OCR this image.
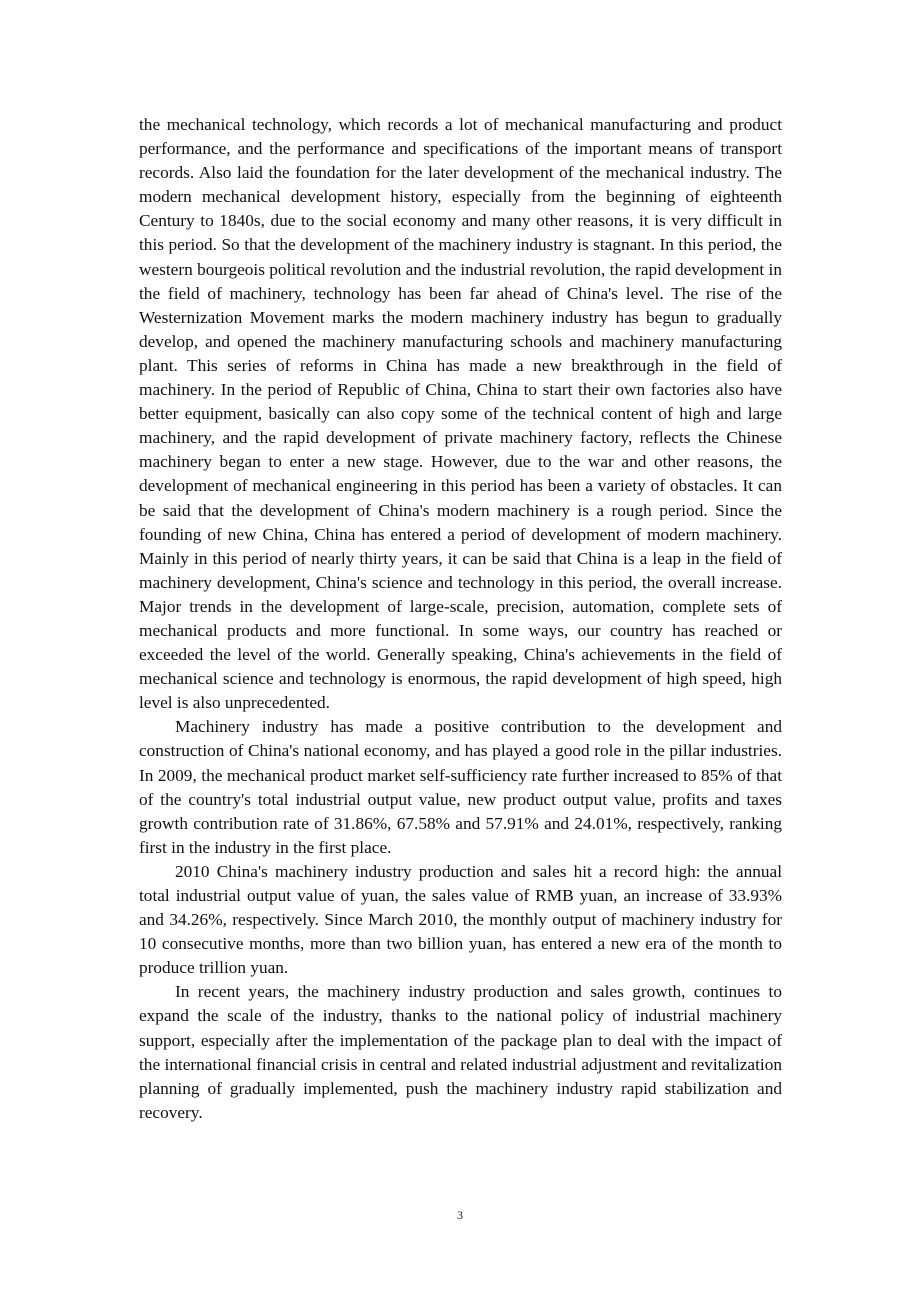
the mechanical technology, which records a lot of mechanical manufacturing and product performance, and the performance and specifications of the important means of transport records. Also laid the foundation for the later development of the mechanical industry. The modern mechanical development history, especially from the beginning of eighteenth Century to 1840s, due to the social economy and many other reasons, it is very difficult in this period. So that the development of the machinery industry is stagnant. In this period, the western bourgeois political revolution and the industrial revolution, the rapid development in the field of machinery, technology has been far ahead of China's level. The rise of the Westernization Movement marks the modern machinery industry has begun to gradually develop, and opened the machinery manufacturing schools and machinery manufacturing plant. This series of reforms in China has made a new breakthrough in the field of machinery. In the period of Republic of China, China to start their own factories also have better equipment, basically can also copy some of the technical content of high and large machinery, and the rapid development of private machinery factory, reflects the Chinese machinery began to enter a new stage. However, due to the war and other reasons, the development of mechanical engineering in this period has been a variety of obstacles. It can be said that the development of China's modern machinery is a rough period. Since the founding of new China, China has entered a period of development of modern machinery. Mainly in this period of nearly thirty years, it can be said that China is a leap in the field of machinery development, China's science and technology in this period, the overall increase. Major trends in the development of large-scale, precision, automation, complete sets of mechanical products and more functional. In some ways, our country has reached or exceeded the level of the world. Generally speaking, China's achievements in the field of mechanical science and technology is enormous, the rapid development of high speed, high level is also unprecedented.

Machinery industry has made a positive contribution to the development and construction of China's national economy, and has played a good role in the pillar industries. In 2009, the mechanical product market self-sufficiency rate further increased to 85% of that of the country's total industrial output value, new product output value, profits and taxes growth contribution rate of 31.86%, 67.58% and 57.91% and 24.01%, respectively, ranking first in the industry in the first place.

2010 China's machinery industry production and sales hit a record high: the annual total industrial output value of yuan, the sales value of RMB yuan, an increase of 33.93% and 34.26%, respectively. Since March 2010, the monthly output of machinery industry for 10 consecutive months, more than two billion yuan, has entered a new era of the month to produce trillion yuan.

In recent years, the machinery industry production and sales growth, continues to expand the scale of the industry, thanks to the national policy of industrial machinery support, especially after the implementation of the package plan to deal with the impact of the international financial crisis in central and related industrial adjustment and revitalization planning of gradually implemented, push the machinery industry rapid stabilization and recovery.

3
